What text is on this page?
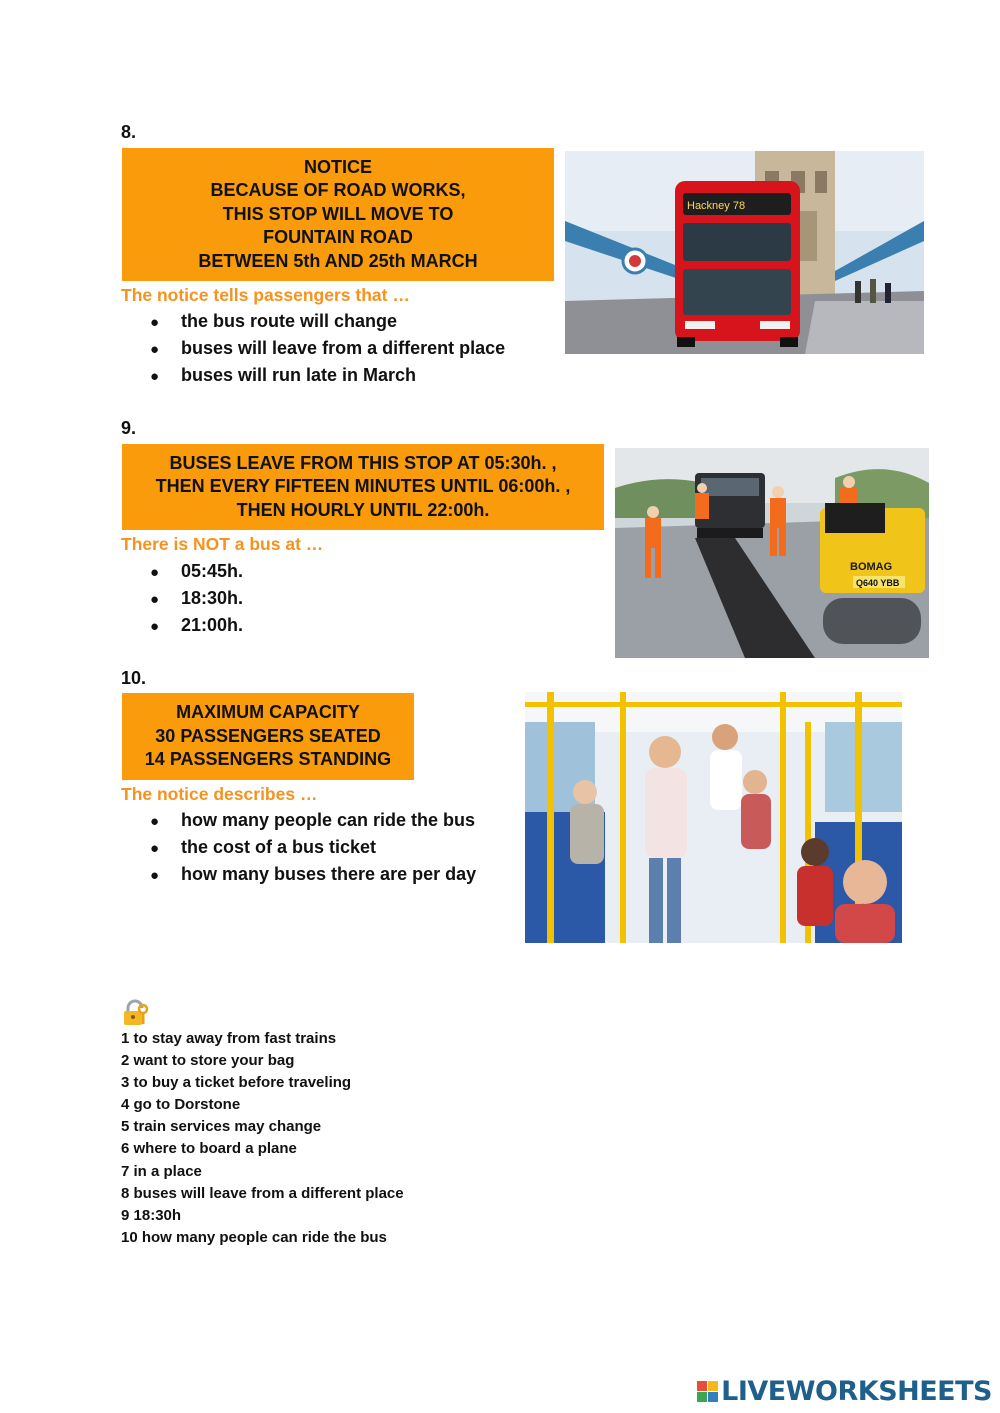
8.
NOTICE
BECAUSE OF ROAD WORKS,
THIS STOP WILL MOVE TO
FOUNTAIN ROAD
BETWEEN 5th AND 25th MARCH
The notice tells passengers that …
● the bus route will change
● buses will leave from a different place
● buses will run late in March
Hackney 78
9.
BUSES LEAVE FROM THIS STOP AT 05:30h. ,
THEN EVERY FIFTEEN MINUTES UNTIL 06:00h. ,
THEN HOURLY UNTIL 22:00h.
There is NOT a bus at …
● 05:45h.
● 18:30h.
● 21:00h.
BOMAG
Q640 YBB
10.
MAXIMUM CAPACITY
30 PASSENGERS SEATED
14 PASSENGERS STANDING
The notice describes …
● how many people can ride the bus
● the cost of a bus ticket
● how many buses there are per day
1 to stay away from fast trains
2 want to store your bag
3 to buy a ticket before traveling
4 go to Dorstone
5 train services may change
6 where to board a plane
7 in a place
8 buses will leave from a different place
9 18:30h
10 how many people can ride the bus
LIVEWORKSHEETS
